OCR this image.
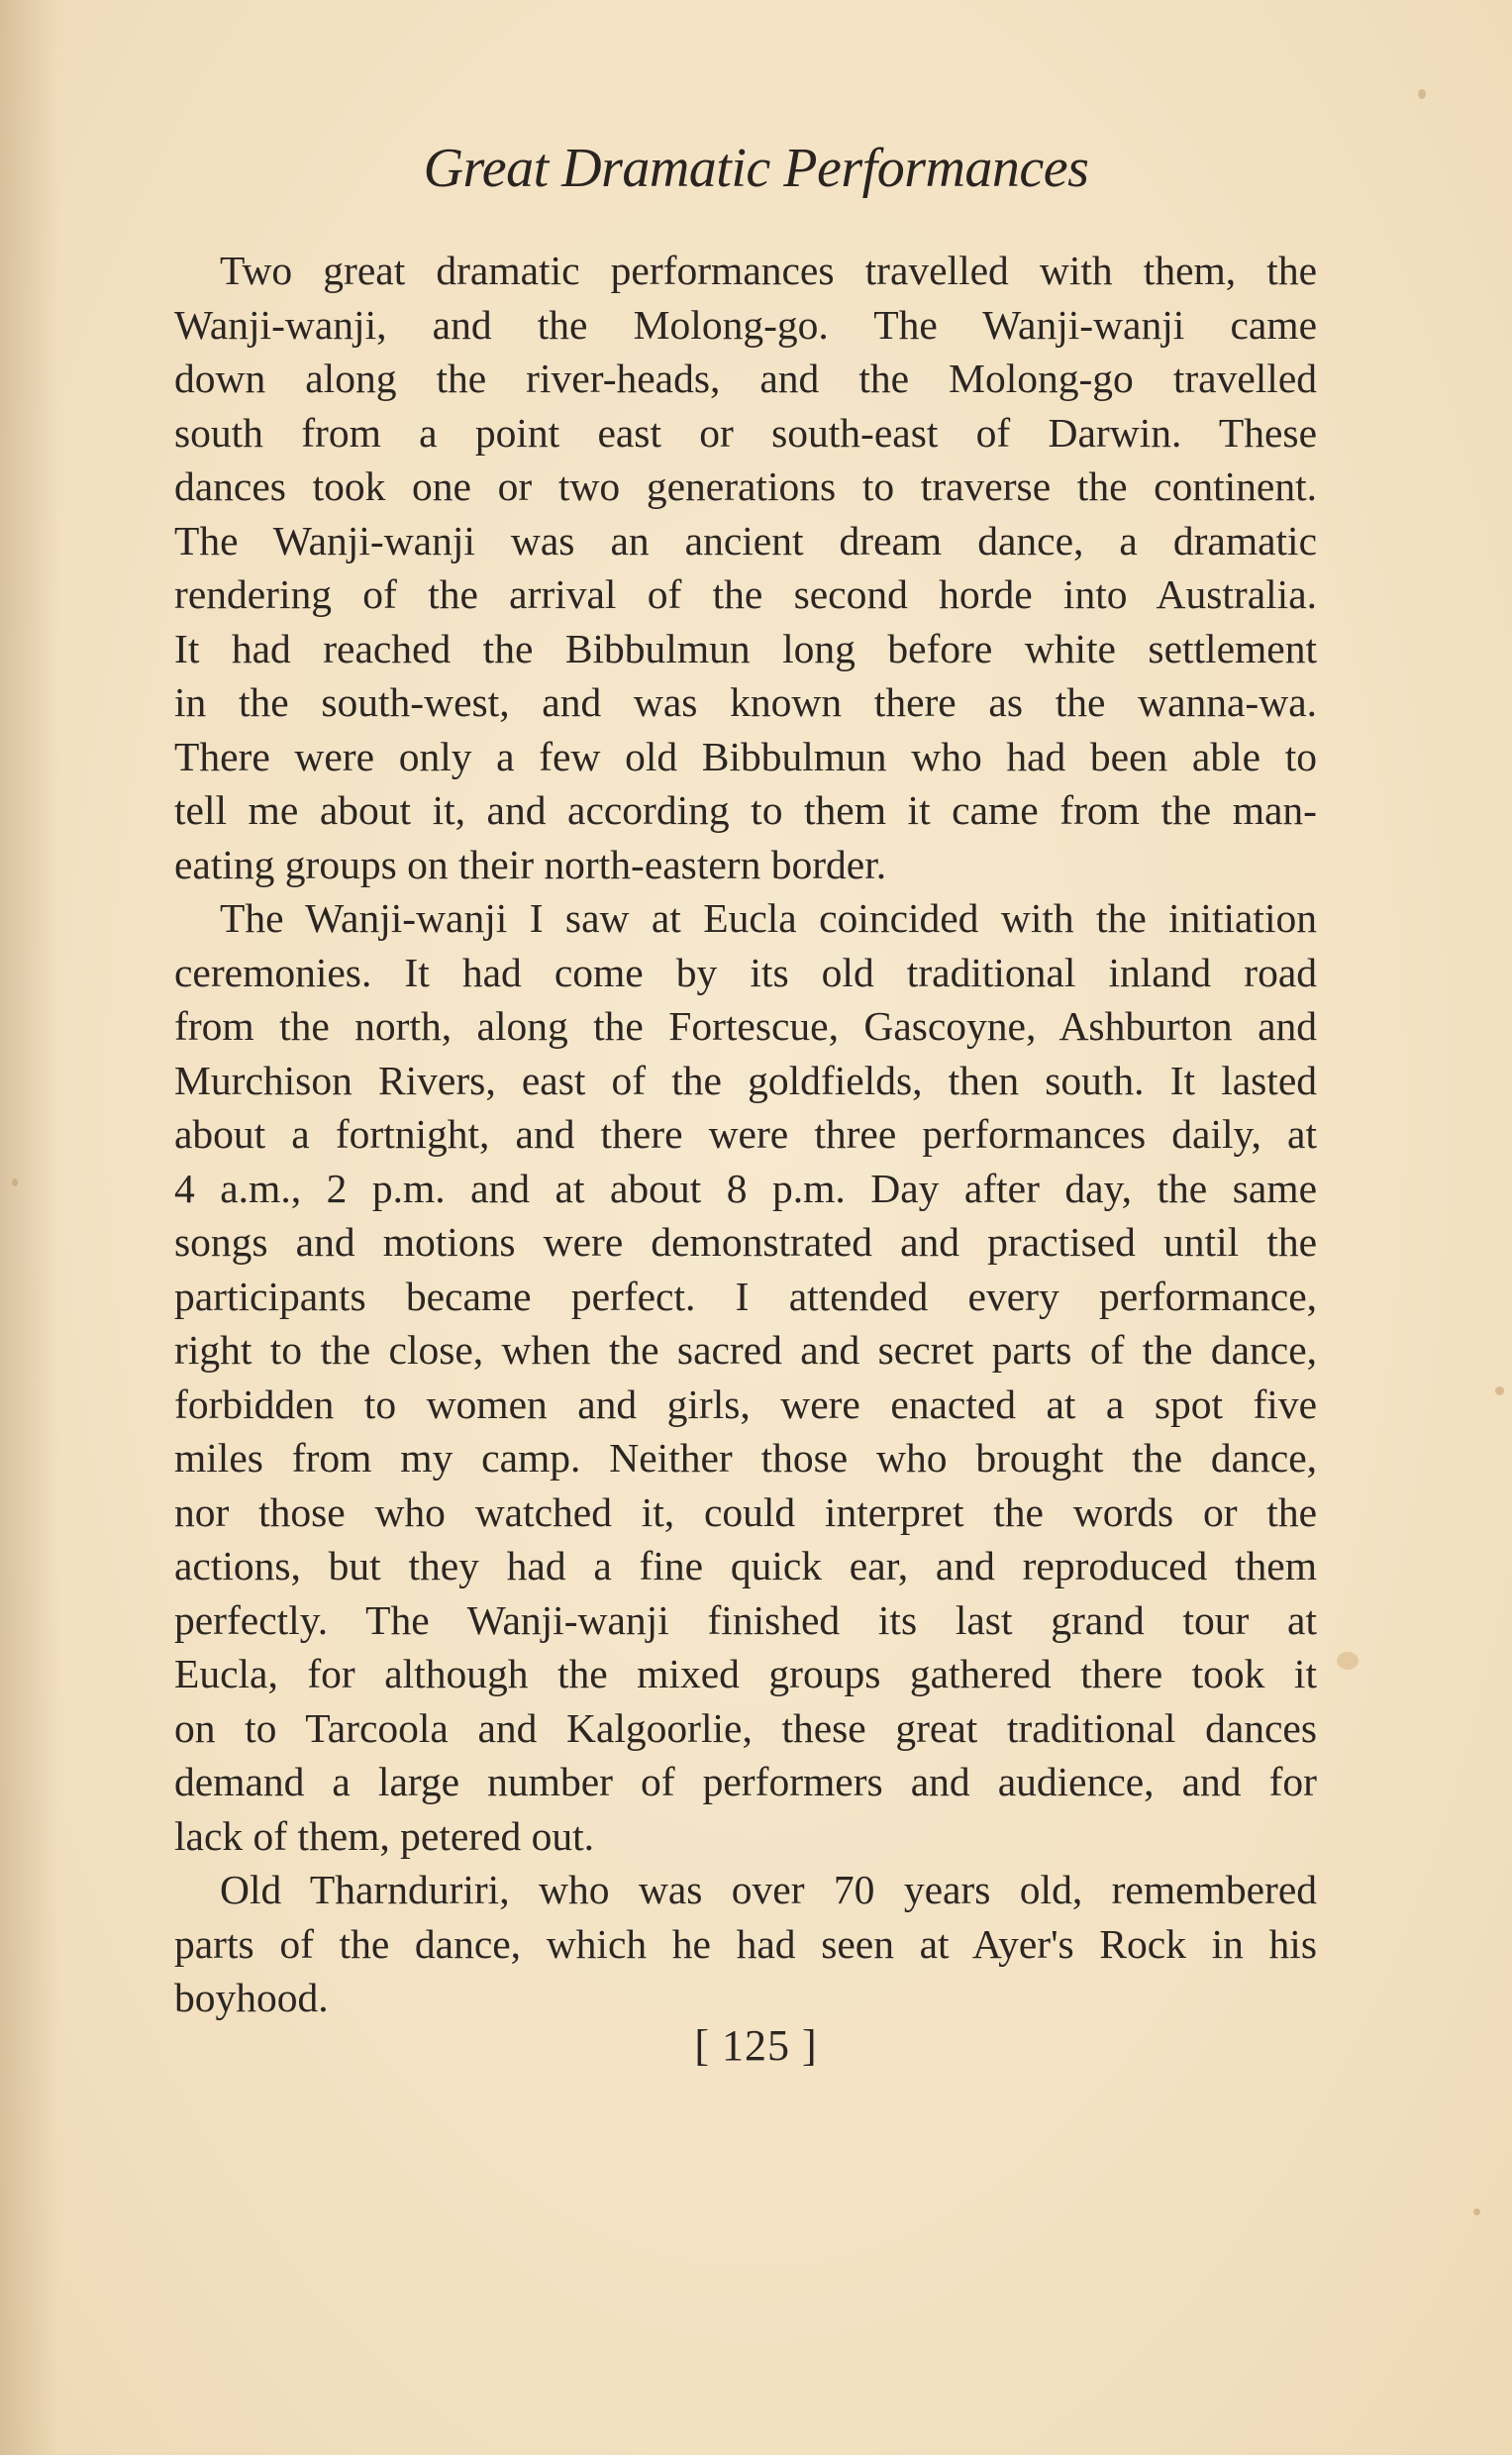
Great Dramatic Performances
Two great dramatic performances travelled with them, the
Wanji-wanji, and the Molong-go. The Wanji-wanji came
down along the river-heads, and the Molong-go travelled
south from a point east or south-east of Darwin. These
dances took one or two generations to traverse the continent.
The Wanji-wanji was an ancient dream dance, a dramatic
rendering of the arrival of the second horde into Australia.
It had reached the Bibbulmun long before white settlement
in the south-west, and was known there as the wanna-wa.
There were only a few old Bibbulmun who had been able to
tell me about it, and according to them it came from the man-
eating groups on their north-eastern border.
The Wanji-wanji I saw at Eucla coincided with the initiation
ceremonies. It had come by its old traditional inland road
from the north, along the Fortescue, Gascoyne, Ashburton and
Murchison Rivers, east of the goldfields, then south. It lasted
about a fortnight, and there were three performances daily, at
4 a.m., 2 p.m. and at about 8 p.m. Day after day, the same
songs and motions were demonstrated and practised until the
participants became perfect. I attended every performance,
right to the close, when the sacred and secret parts of the dance,
forbidden to women and girls, were enacted at a spot five
miles from my camp. Neither those who brought the dance,
nor those who watched it, could interpret the words or the
actions, but they had a fine quick ear, and reproduced them
perfectly. The Wanji-wanji finished its last grand tour at
Eucla, for although the mixed groups gathered there took it
on to Tarcoola and Kalgoorlie, these great traditional dances
demand a large number of performers and audience, and for
lack of them, petered out.
Old Tharnduriri, who was over 70 years old, remembered
parts of the dance, which he had seen at Ayer's Rock in his
boyhood.
[ 125 ]
